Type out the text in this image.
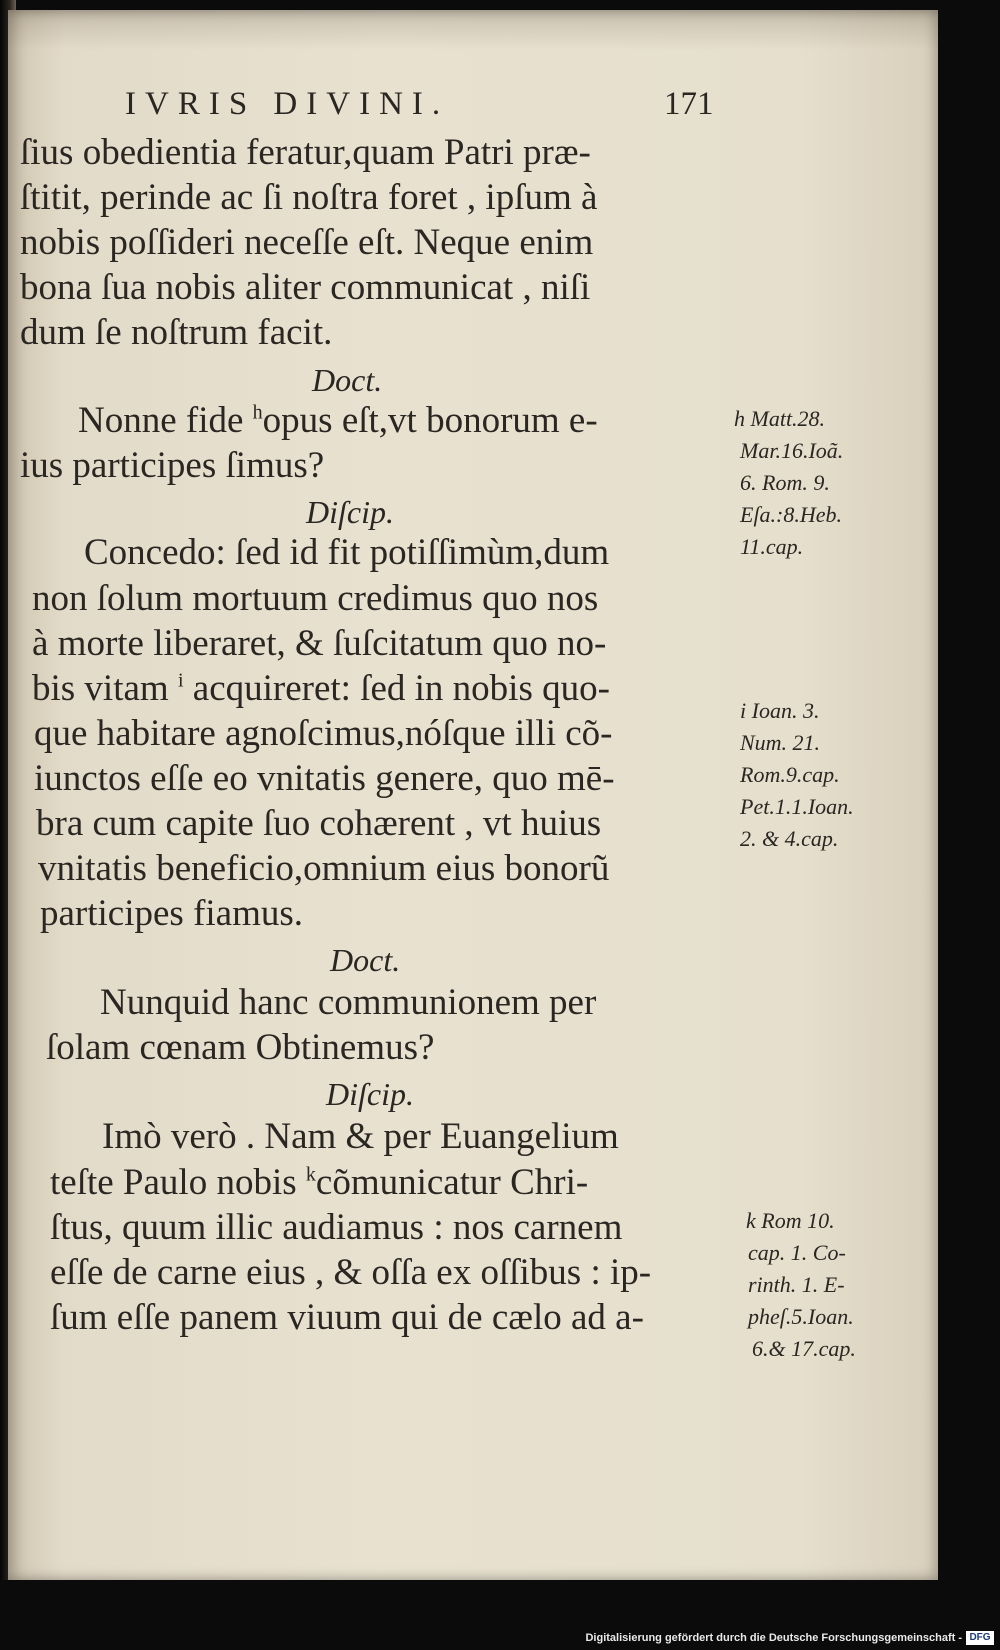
IVRIS DIVINI.	171
ſius obedientia feratur,quam Patri præ-
ſtitit, perinde ac ſi noſtra foret , ipſum à
nobis poſſideri neceſſe eſt. Neque enim
bona ſua nobis aliter communicat , niſi
dum ſe noſtrum facit.
Doct.
Nonne fide $^h$opus eſt,vt bonorum e-
ius participes ſimus?
Diſcip.
Concedo: ſed id fit potiſſimùm,dum
non ſolum mortuum credimus quo nos
à morte liberaret, & ſuſcitatum quo no-
bis vitam $^i$ acquireret: ſed in nobis quo-
que habitare agnoſcimus,nóſque illi cõ-
iunctos eſſe eo vnitatis genere, quo mē-
bra cum capite ſuo cohærent , vt huius
vnitatis beneficio,omnium eius bonorũ
participes fiamus.
Doct.
Nunquid hanc communionem per
ſolam cœnam Obtinemus?
Diſcip.
Imò verò . Nam & per Euangelium
teſte Paulo nobis $^k$cõmunicatur Chri-
ſtus, quum illic audiamus : nos carnem
eſſe de carne eius , & oſſa ex oſſibus : ip-
ſum eſſe panem viuum qui de cælo ad a-
h Matt.28.
Mar.16.Ioã.
6. Rom. 9.
Eſa.:8.Heb.
11.cap.
i Ioan. 3.
Num. 21.
Rom.9.cap.
Pet.1.1.Ioan.
2. & 4.cap.
k Rom 10.
cap. 1. Co-
rinth. 1. E-
pheſ.5.Ioan.
6.& 17.cap.
Digitalisierung gefördert durch die Deutsche Forschungsgemeinschaft - DFG
